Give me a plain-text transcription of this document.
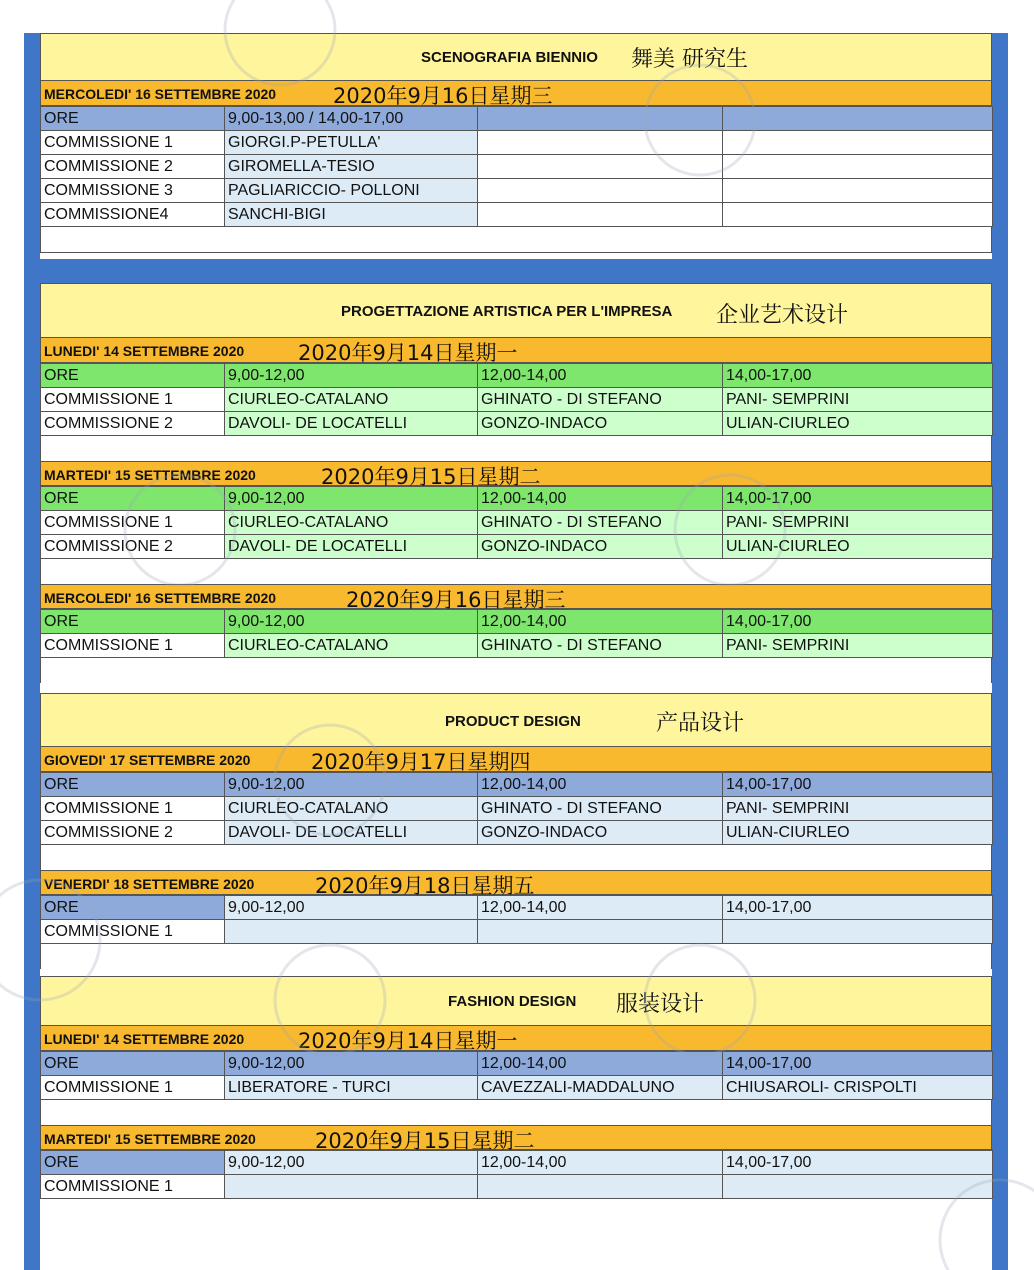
SCENOGRAFIA BIENNIO 舞美 研究生
MERCOLEDI' 16 SETTEMBRE 2020	2020年9月16日星期三
ORE	9,00-13,00 / 14,00-17,00		
COMMISSIONE 1	GIORGI.P-PETULLA'		
COMMISSIONE 2	GIROMELLA-TESIO		
COMMISSIONE 3	PAGLIARICCIO- POLLONI		
COMMISSIONE4	SANCHI-BIGI		
PROGETTAZIONE ARTISTICA PER L'IMPRESA 企业艺术设计
LUNEDI' 14 SETTEMBRE 2020	2020年9月14日星期一
ORE	9,00-12,00	12,00-14,00	14,00-17,00
COMMISSIONE 1	CIURLEO-CATALANO	GHINATO - DI STEFANO	PANI- SEMPRINI
COMMISSIONE 2	DAVOLI- DE LOCATELLI	GONZO-INDACO	ULIAN-CIURLEO
MARTEDI' 15 SETTEMBRE 2020	2020年9月15日星期二
ORE	9,00-12,00	12,00-14,00	14,00-17,00
COMMISSIONE 1	CIURLEO-CATALANO	GHINATO - DI STEFANO	PANI- SEMPRINI
COMMISSIONE 2	DAVOLI- DE LOCATELLI	GONZO-INDACO	ULIAN-CIURLEO
MERCOLEDI' 16 SETTEMBRE 2020	2020年9月16日星期三
ORE	9,00-12,00	12,00-14,00	14,00-17,00
COMMISSIONE 1	CIURLEO-CATALANO	GHINATO - DI STEFANO	PANI- SEMPRINI
PRODUCT DESIGN	产品设计
GIOVEDI' 17 SETTEMBRE 2020	2020年9月17日星期四
ORE	9,00-12,00	12,00-14,00	14,00-17,00
COMMISSIONE 1	CIURLEO-CATALANO	GHINATO - DI STEFANO	PANI- SEMPRINI
COMMISSIONE 2	DAVOLI- DE LOCATELLI	GONZO-INDACO	ULIAN-CIURLEO
VENERDI' 18 SETTEMBRE 2020	2020年9月18日星期五
ORE	9,00-12,00	12,00-14,00	14,00-17,00
COMMISSIONE 1			
FASHION DESIGN 服装设计
LUNEDI' 14 SETTEMBRE 2020	2020年9月14日星期一
ORE	9,00-12,00	12,00-14,00	14,00-17,00
COMMISSIONE 1	LIBERATORE - TURCI	CAVEZZALI-MADDALUNO	CHIUSAROLI- CRISPOLTI
MARTEDI' 15 SETTEMBRE 2020	2020年9月15日星期二
ORE	9,00-12,00	12,00-14,00	14,00-17,00
COMMISSIONE 1			
